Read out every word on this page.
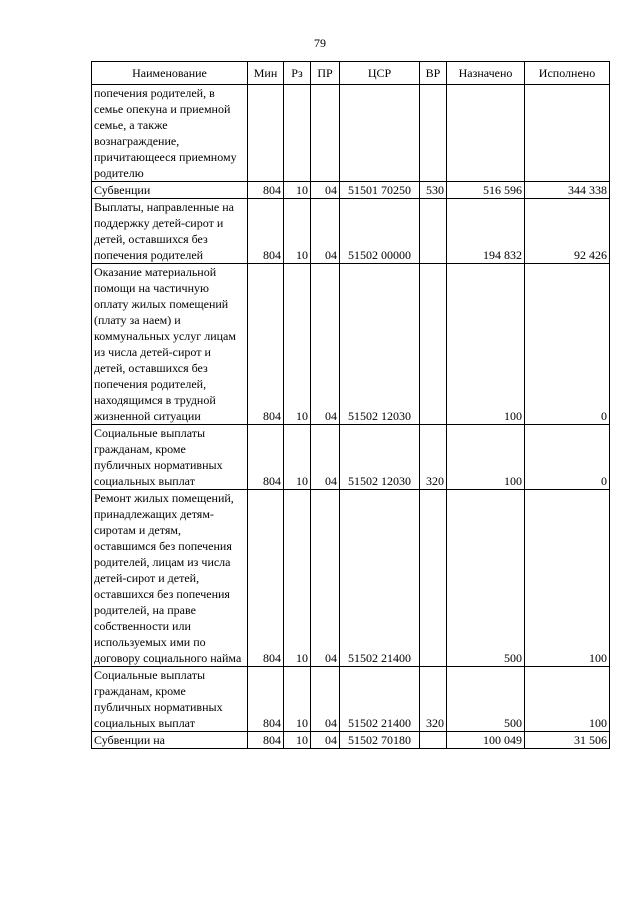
79
Наименование	Мин	Рз	ПР	ЦСР	ВР	Назначено	Исполнено
попечения родителей, в семье опекуна и приемной семье, а также вознаграждение, причитающееся приемному родителю							
Субвенции	804	10	04	51501 70250	530	516 596	344 338
Выплаты, направленные на поддержку детей-сирот и детей, оставшихся без попечения родителей	804	10	04	51502 00000		194 832	92 426
Оказание материальной помощи на частичную оплату жилых помещений (плату за наем) и коммунальных услуг лицам из числа детей-сирот и детей, оставшихся без попечения родителей, находящимся в трудной жизненной ситуации	804	10	04	51502 12030		100	0
Социальные выплаты гражданам, кроме публичных нормативных социальных выплат	804	10	04	51502 12030	320	100	0
Ремонт жилых помещений, принадлежащих детям-сиротам и детям, оставшимся без попечения родителей, лицам из числа детей-сирот и детей, оставшихся без попечения родителей, на праве собственности или используемых ими по договору социального найма	804	10	04	51502 21400		500	100
Социальные выплаты гражданам, кроме публичных нормативных социальных выплат	804	10	04	51502 21400	320	500	100
Субвенции на	804	10	04	51502 70180		100 049	31 506
